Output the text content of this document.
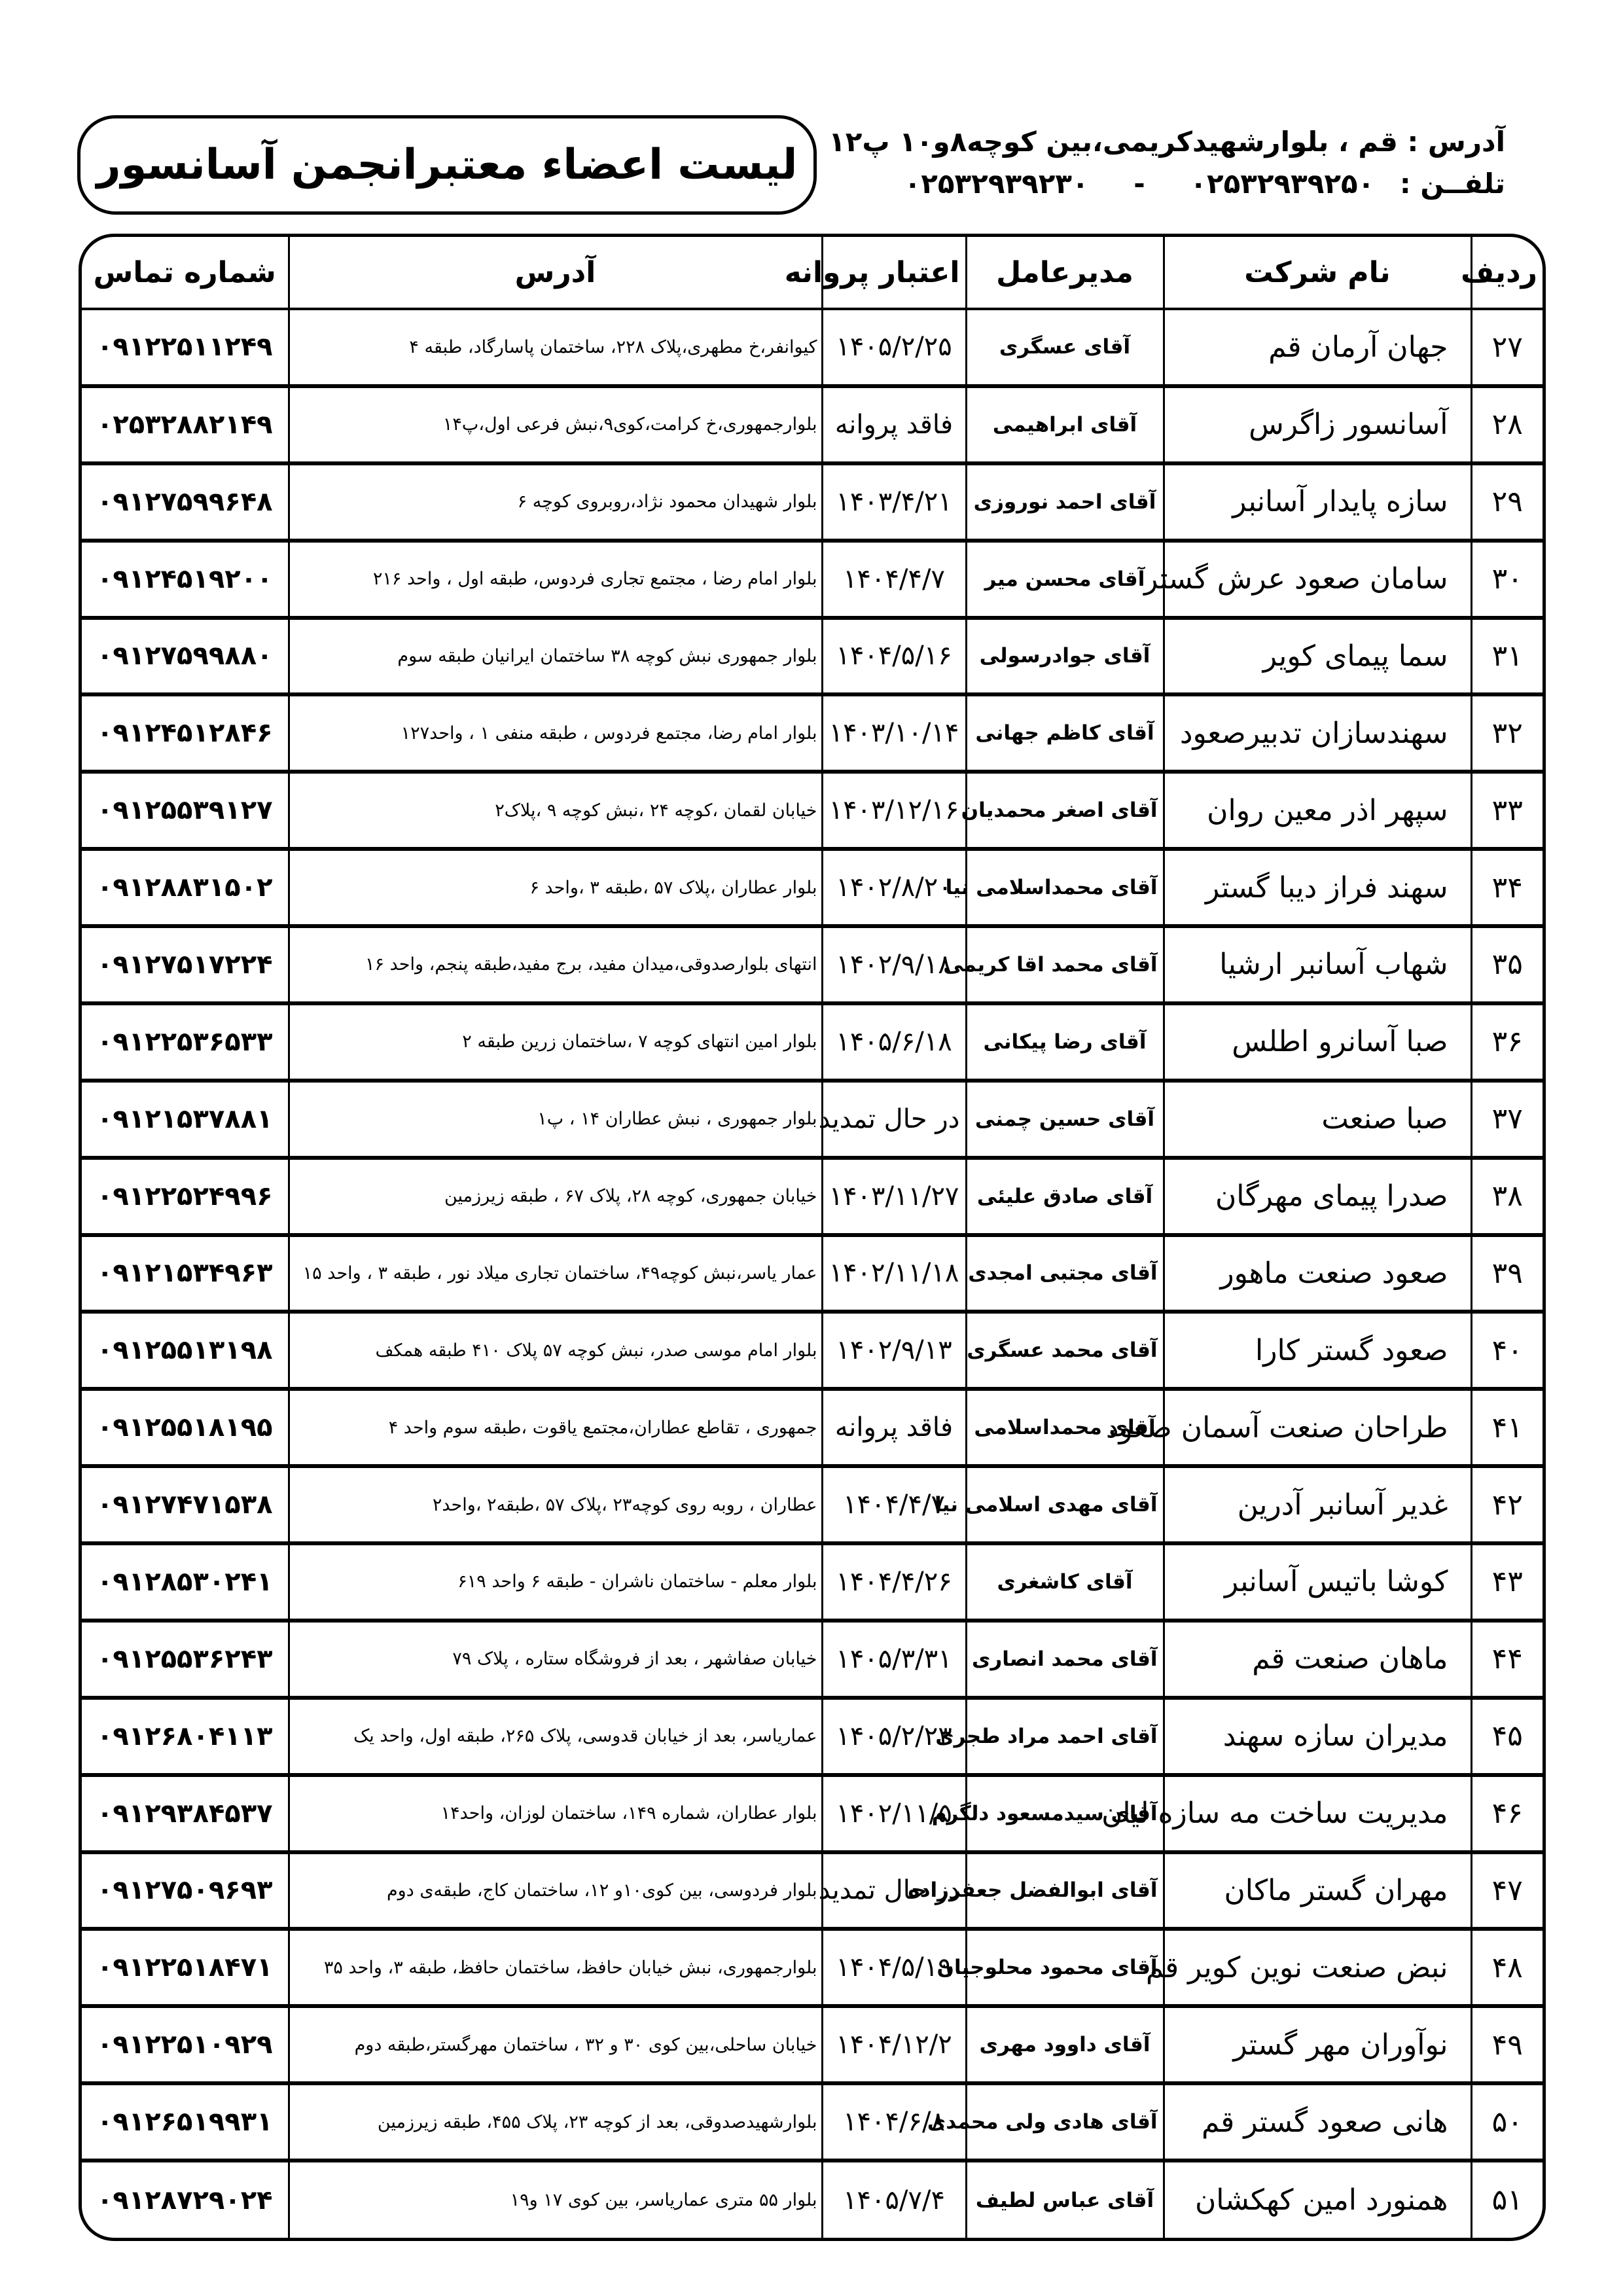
لیست اعضاء معتبرانجمن آسانسور آدرس : قم ، بلوارشهیدکریمی،بین کوچه۸و۱۰ پ۱۲
تلفــن : ۰۲۵۳۲۹۳۹۲۵۰ - ۰۲۵۳۲۹۳۹۲۳۰
ردیف	نام شرکت	مدیرعامل	اعتبار پروانه	آدرس	شماره تماس
۲۷	جهان آرمان قم	آقای عسگری	۱۴۰۵/۲/۲۵	کیوانفر،خ مطهری،پلاک ۲۲۸، ساختمان پاسارگاد، طبقه ۴	۰۹۱۲۲۵۱۱۲۴۹
۲۸	آسانسور زاگرس	آقای ابراهیمی	فاقد پروانه	بلوارجمهوری،خ کرامت،کوی۹،نبش فرعی اول،پ۱۴	۰۲۵۳۲۸۸۲۱۴۹
۲۹	سازه پایدار آسانبر	آقای احمد نوروزی	۱۴۰۳/۴/۲۱	بلوار شهیدان محمود نژاد،روبروی کوچه ۶	۰۹۱۲۷۵۹۹۶۴۸
۳۰	سامان صعود عرش گستر	آقای محسن میر	۱۴۰۴/۴/۷	بلوار امام رضا ، مجتمع تجاری فردوس، طبقه اول ، واحد ۲۱۶	۰۹۱۲۴۵۱۹۲۰۰
۳۱	سما پیمای کویر	آقای جوادرسولی	۱۴۰۴/۵/۱۶	بلوار جمهوری نبش کوچه ۳۸ ساختمان ایرانیان طبقه سوم	۰۹۱۲۷۵۹۹۸۸۰
۳۲	سهندسازان تدبیرصعود	آقای کاظم جهانی	۱۴۰۳/۱۰/۱۴	بلوار امام رضا، مجتمع فردوس ، طبقه منفی ۱ ، واحد۱۲۷	۰۹۱۲۴۵۱۲۸۴۶
۳۳	سپهر اذر معین روان	آقای اصغر محمدیان	۱۴۰۳/۱۲/۱۶	خیابان لقمان ،کوچه ۲۴ ،نبش کوچه ۹ ،پلاک۲	۰۹۱۲۵۵۳۹۱۲۷
۳۴	سهند فراز دیبا گستر	آقای محمداسلامی نیا	۱۴۰۲/۸/۲۰	بلوار عطاران ،پلاک ۵۷ ،طبقه ۳ ،واحد ۶	۰۹۱۲۸۸۳۱۵۰۲
۳۵	شهاب آسانبر ارشیا	آقای محمد اقا کریمی	۱۴۰۲/۹/۱۸	انتهای بلوارصدوقی،میدان مفید، برج مفید،طبقه پنجم، واحد ۱۶	۰۹۱۲۷۵۱۷۲۲۴
۳۶	صبا آسانرو اطلس	آقای رضا پیکانی	۱۴۰۵/۶/۱۸	بلوار امین انتهای کوچه ۷ ،ساختمان زرین طبقه ۲	۰۹۱۲۲۵۳۶۵۳۳
۳۷	صبا صنعت	آقای حسین چمنی	در حال تمدید	بلوار جمهوری ، نبش عطاران ۱۴ ، پ۱	۰۹۱۲۱۵۳۷۸۸۱
۳۸	صدرا پیمای مهرگان	آقای صادق علیئی	۱۴۰۳/۱۱/۲۷	خیابان جمهوری، کوچه ۲۸، پلاک ۶۷ ، طبقه زیرزمین	۰۹۱۲۲۵۲۴۹۹۶
۳۹	صعود صنعت ماهور	آقای مجتبی امجدی	۱۴۰۲/۱۱/۱۸	عمار یاسر،نبش کوچه۴۹، ساختمان تجاری میلاد نور ، طبقه ۳ ، واحد ۱۵	۰۹۱۲۱۵۳۴۹۶۳
۴۰	صعود گستر کارا	آقای محمد عسگری	۱۴۰۲/۹/۱۳	بلوار امام موسی صدر، نبش کوچه ۵۷ پلاک ۴۱۰ طبقه همکف	۰۹۱۲۵۵۱۳۱۹۸
۴۱	طراحان صنعت آسمان صعود	آقای محمداسلامی	فاقد پروانه	جمهوری ، تقاطع عطاران،مجتمع یاقوت ،طبقه سوم واحد ۴	۰۹۱۲۵۵۱۸۱۹۵
۴۲	غدیر آسانبر آدرین	آقای مهدی اسلامی نیا	۱۴۰۴/۴/۷	عطاران ، روبه روی کوچه۲۳ ،پلاک ۵۷ ،طبقه۲ ،واحد۲	۰۹۱۲۷۴۷۱۵۳۸
۴۳	کوشا باتیس آسانبر	آقای کاشغری	۱۴۰۴/۴/۲۶	بلوار معلم - ساختمان ناشران - طبقه ۶ واحد ۶۱۹	۰۹۱۲۸۵۳۰۲۴۱
۴۴	ماهان صنعت قم	آقای محمد انصاری	۱۴۰۵/۳/۳۱	خیابان صفاشهر ، بعد از فروشگاه ستاره ، پلاک ۷۹	۰۹۱۲۵۵۳۶۲۴۳
۴۵	مدیران سازه سهند	آقای احمد مراد طجری	۱۴۰۵/۲/۲۳	عماریاسر، بعد از خیابان قدوسی، پلاک ۲۶۵، طبقه اول، واحد یک	۰۹۱۲۶۸۰۴۱۱۳
۴۶	مدیریت ساخت مه سازه لیان	آقای سیدمسعود دلگرم	۱۴۰۲/۱۱/۵	بلوار عطاران، شماره ۱۴۹، ساختمان لوزان، واحد۱۴	۰۹۱۲۹۳۸۴۵۳۷
۴۷	مهران گستر ماکان	آقای ابوالفضل جعفرزاده	در حال تمدید	بلوار فردوسی، بین کوی۱۰و ۱۲، ساختمان کاج، طبقه‌ی دوم	۰۹۱۲۷۵۰۹۶۹۳
۴۸	نبض صنعت نوین کویر قم	آقای محمود محلوجیان	۱۴۰۴/۵/۱۹	بلوارجمهوری، نبش خیابان حافظ، ساختمان حافظ، طبقه ۳، واحد ۳۵	۰۹۱۲۲۵۱۸۴۷۱
۴۹	نوآوران مهر گستر	آقای داوود مهری	۱۴۰۴/۱۲/۲	خیابان ساحلی،بین کوی ۳۰ و ۳۲ ، ساختمان مهرگستر،طبقه دوم	۰۹۱۲۲۵۱۰۹۲۹
۵۰	هانی صعود گستر قم	آقای هادی ولی محمدی	۱۴۰۴/۶/۸	بلوارشهیدصدوقی، بعد از کوچه ۲۳، پلاک ۴۵۵، طبقه زیرزمین	۰۹۱۲۶۵۱۹۹۳۱
۵۱	همنورد امین کهکشان	آقای عباس لطیف	۱۴۰۵/۷/۴	بلوار ۵۵ متری عماریاسر، بین کوی ۱۷ و۱۹	۰۹۱۲۸۷۲۹۰۲۴
